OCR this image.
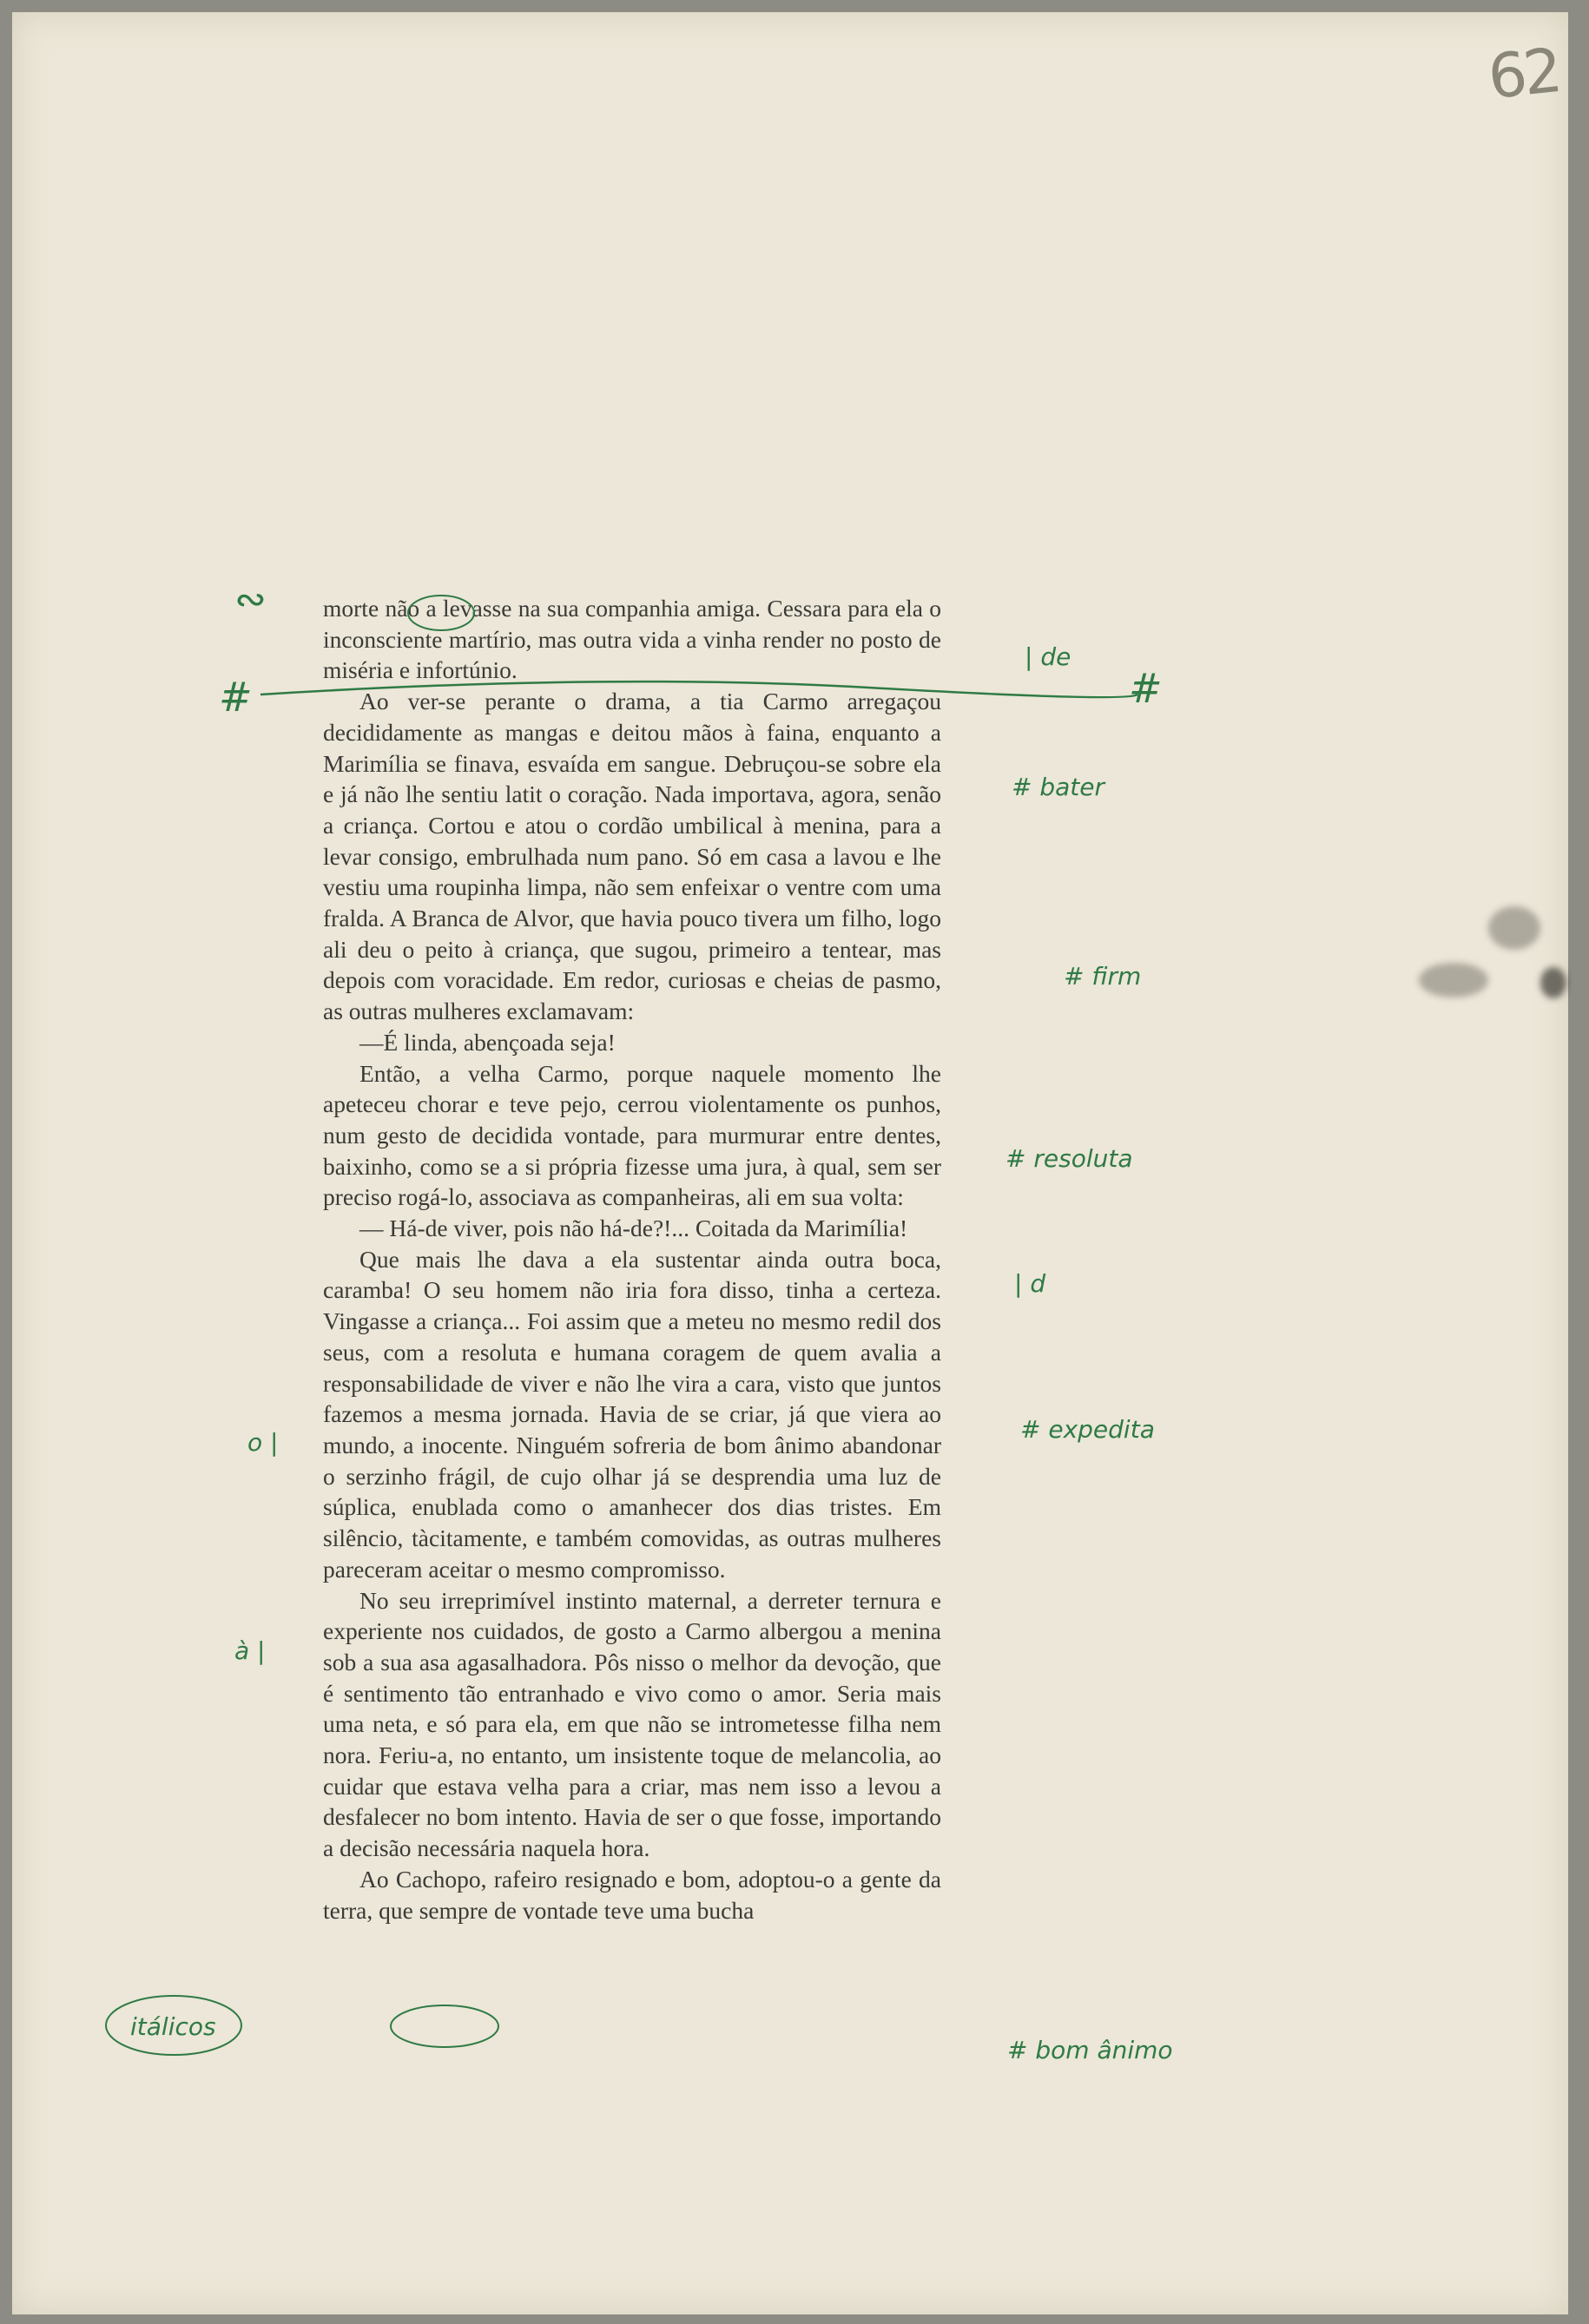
62

morte não a levasse na sua companhia amiga. Cessara para ela o inconsciente martírio, mas outra vida a vinha render no posto de miséria e infortúnio.

Ao ver-se perante o drama, a tia Carmo arregaçou decididamente as mangas e deitou mãos à faina, enquanto a Marimília se finava, esvaída em sangue. Debruçou-se sobre ela e já não lhe sentiu latit o coração. Nada importava, agora, senão a criança. Cortou e atou o cordão umbilical à menina, para a levar consigo, embrulhada num pano. Só em casa a lavou e lhe vestiu uma roupinha limpa, não sem enfeixar o ventre com uma fralda. A Branca de Alvor, que havia pouco tivera um filho, logo ali deu o peito à criança, que sugou, primeiro a tentear, mas depois com voracidade. Em redor, curiosas e cheias de pasmo, as outras mulheres exclamavam:

—É linda, abençoada seja!

Então, a velha Carmo, porque naquele momento lhe apeteceu chorar e teve pejo, cerrou violentamente os punhos, num gesto de decidida vontade, para murmurar entre dentes, baixinho, como se a si própria fizesse uma jura, à qual, sem ser preciso rogá-lo, associava as companheiras, ali em sua volta:

— Há-de viver, pois não há-de?!... Coitada da Marimília!

Que mais lhe dava a ela sustentar ainda outra boca, caramba! O seu homem não iria fora disso, tinha a certeza. Vingasse a criança... Foi assim que a meteu no mesmo redil dos seus, com a resoluta e humana coragem de quem avalia a responsabilidade de viver e não lhe vira a cara, visto que juntos fazemos a mesma jornada. Havia de se criar, já que viera ao mundo, a inocente. Ninguém sofreria de bom ânimo abandonar o serzinho frágil, de cujo olhar já se desprendia uma luz de súplica, enublada como o amanhecer dos dias tristes. Em silêncio, tàcitamente, e também comovidas, as outras mulheres pareceram aceitar o mesmo compromisso.

No seu irreprimível instinto maternal, a derreter ternura e experiente nos cuidados, de gosto a Carmo albergou a menina sob a sua asa agasalhadora. Pôs nisso o melhor da devoção, que é sentimento tão entranhado e vivo como o amor. Seria mais uma neta, e só para ela, em que não se intrometesse filha nem nora. Feriu-a, no entanto, um insistente toque de melancolia, ao cuidar que estava velha para a criar, mas nem isso a levou a desfalecer no bom intento. Havia de ser o que fosse, importando a decisão necessária naquela hora.

Ao Cachopo, rafeiro resignado e bom, adoptou-o a gente da terra, que sempre de vontade teve uma bucha

∾
#	#
| de
# bater
# firm
# resoluta
| d
# expedita
o |
à |
itálicos
# bom ânimo
